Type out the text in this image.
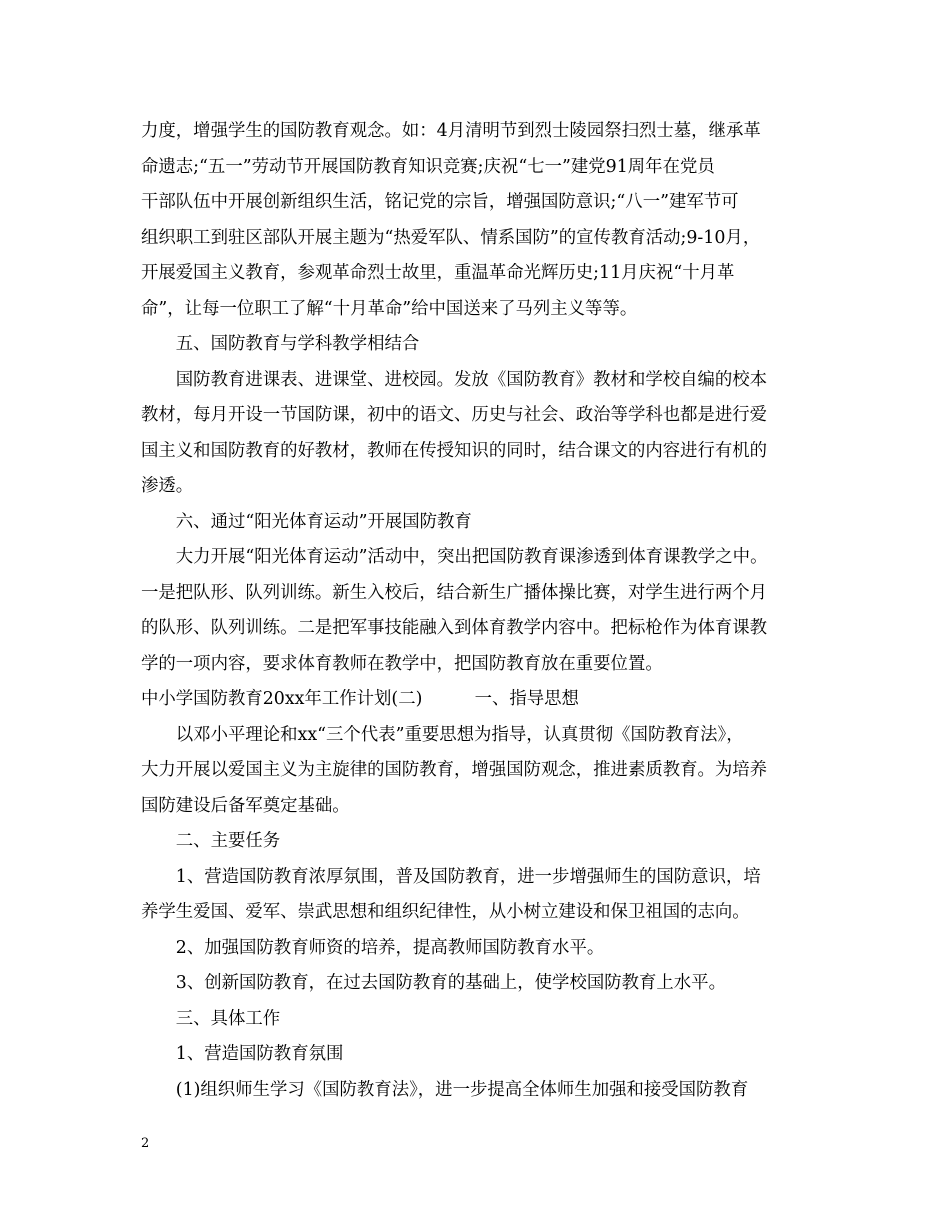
力度，增强学生的国防教育观念。如：4月清明节到烈士陵园祭扫烈士墓，继承革

命遗志;“五一”劳动节开展国防教育知识竞赛;庆祝“七一”建党91周年在党员

干部队伍中开展创新组织生活，铭记党的宗旨，增强国防意识;“八一”建军节可

组织职工到驻区部队开展主题为“热爱军队、情系国防”的宣传教育活动;9-10月，

开展爱国主义教育，参观革命烈士故里，重温革命光辉历史;11月庆祝“十月革

命”，让每一位职工了解“十月革命”给中国送来了马列主义等等。

　　五、国防教育与学科教学相结合

　　国防教育进课表、进课堂、进校园。发放《国防教育》教材和学校自编的校本

教材，每月开设一节国防课，初中的语文、历史与社会、政治等学科也都是进行爱

国主义和国防教育的好教材，教师在传授知识的同时，结合课文的内容进行有机的

渗透。

　　六、通过“阳光体育运动”开展国防教育

　　大力开展“阳光体育运动”活动中，突出把国防教育课渗透到体育课教学之中。

一是把队形、队列训练。新生入校后，结合新生广播体操比赛，对学生进行两个月

的队形、队列训练。二是把军事技能融入到体育教学内容中。把标枪作为体育课教

学的一项内容，要求体育教师在教学中，把国防教育放在重要位置。

中小学国防教育20xx年工作计划(二)　　　一、指导思想

　　以邓小平理论和xx“三个代表”重要思想为指导，认真贯彻《国防教育法》，

大力开展以爱国主义为主旋律的国防教育，增强国防观念，推进素质教育。为培养

国防建设后备军奠定基础。

　　二、主要任务

　　1、营造国防教育浓厚氛围，普及国防教育，进一步增强师生的国防意识，培

养学生爱国、爱军、崇武思想和组织纪律性，从小树立建设和保卫祖国的志向。

　　2、加强国防教育师资的培养，提高教师国防教育水平。

　　3、创新国防教育，在过去国防教育的基础上，使学校国防教育上水平。

　　三、具体工作

　　1、营造国防教育氛围

　　(1)组织师生学习《国防教育法》，进一步提高全体师生加强和接受国防教育

2
